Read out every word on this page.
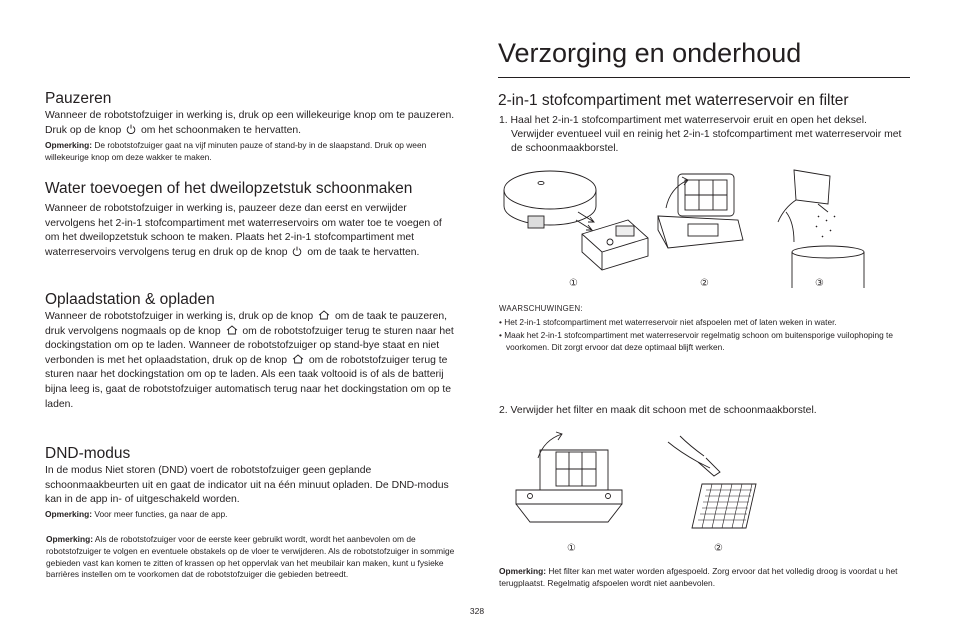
Pauzeren

Wanneer de robotstofzuiger in werking is, druk op een willekeurige knop om te pauzeren. Druk op de knop om het schoonmaken te hervatten.

Opmerking: De robotstofzuiger gaat na vijf minuten pauze of stand-by in de slaapstand. Druk op ween willekeurige knop om deze wakker te maken.

Water toevoegen of het dweilopzetstuk schoonmaken

Wanneer de robotstofzuiger in werking is, pauzeer deze dan eerst en verwijder vervolgens het 2-in-1 stofcompartiment met waterreservoirs om water toe te voegen of om het dweilopzetstuk schoon te maken. Plaats het 2-in-1 stofcompartiment met waterreservoirs vervolgens terug en druk op de knop om de taak te hervatten.

Oplaadstation & opladen

Wanneer de robotstofzuiger in werking is, druk op de knop om de taak te pauzeren, druk vervolgens nogmaals op de knop om de robotstofzuiger terug te sturen naar het dockingstation om op te laden. Wanneer de robotstofzuiger op stand-bye staat en niet verbonden is met het oplaadstation, druk op de knop om de robotstofzuiger terug te sturen naar het dockingstation om op te laden. Als een taak voltooid is of als de batterij bijna leeg is, gaat de robotstofzuiger automatisch terug naar het dockingstation om op te laden.

DND-modus

In de modus Niet storen (DND) voert de robotstofzuiger geen geplande schoonmaakbeurten uit en gaat de indicator uit na één minuut opladen. De DND-modus kan in de app in- of uitgeschakeld worden.

Opmerking: Voor meer functies, ga naar de app.

Opmerking: Als de robotstofzuiger voor de eerste keer gebruikt wordt, wordt het aanbevolen om de robotstofzuiger te volgen en eventuele obstakels op de vloer te verwijderen. Als de robotstofzuiger in sommige gebieden vast kan komen te zitten of krassen op het oppervlak van het meubilair kan maken, kunt u fysieke barrières instellen om te voorkomen dat de robotstofzuiger die gebieden betreedt.

328
Verzorging en onderhoud
2-in-1 stofcompartiment met waterreservoir en filter
1. Haal het 2-in-1 stofcompartiment met waterreservoir eruit en open het deksel. Verwijder eventueel vuil en reinig het 2-in-1 stofcompartiment met waterreservoir met de schoonmaakborstel.
①	②	③
WAARSCHUWINGEN:
• Het 2-in-1 stofcompartiment met waterreservoir niet afspoelen met of laten weken in water.
• Maak het 2-in-1 stofcompartiment met waterreservoir regelmatig schoon om buitensporige vuilophoping te voorkomen. Dit zorgt ervoor dat deze optimaal blijft werken.
2. Verwijder het filter en maak dit schoon met de schoonmaakborstel.
①	②

Opmerking: Het filter kan met water worden afgespoeld. Zorg ervoor dat het volledig droog is voordat u het terugplaatst. Regelmatig afspoelen wordt niet aanbevolen.
